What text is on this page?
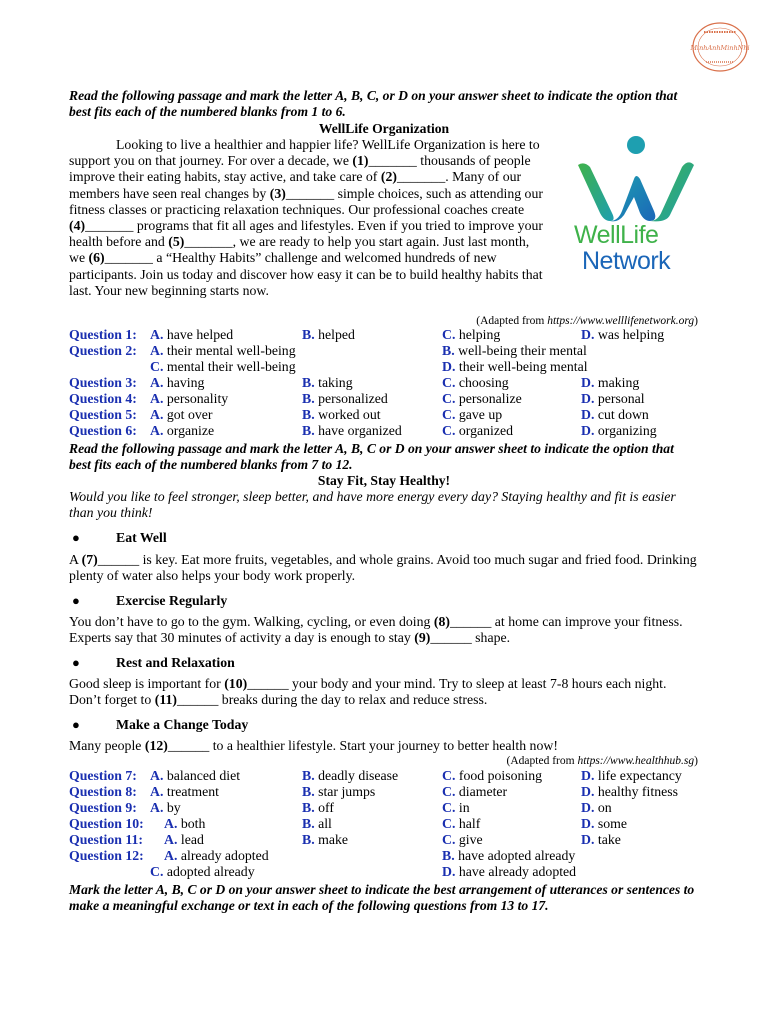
MinhAnhMinhNhi
Read the following passage and mark the letter A, B, C, or D on your answer sheet to indicate the option that best fits each of the numbered blanks from 1 to 6.
WellLife Organization

Looking to live a healthier and happier life? WellLife Organization is here to support you on that journey. For over a decade, we (1)_______ thousands of people improve their eating habits, stay active, and take care of (2)_______. Many of our members have seen real changes by (3)_______ simple choices, such as attending our fitness classes or practicing relaxation techniques. Our professional coaches create (4)_______ programs that fit all ages and lifestyles. Even if you tried to improve your health before and (5)_______, we are ready to help you start again. Just last month, we (6)_______ a “Healthy Habits” challenge and welcomed hundreds of new participants. Join us today and discover how easy it can be to build healthy habits that last. Your new beginning starts now.

WellLife
Network
(Adapted from https://www.welllifenetwork.org)
Question 1: A. have helped	B. helped	C. helping	D. was helping
Question 2: A. their mental well-being	B. well-being their mental
C. mental their well-being	D. their well-being mental
Question 3: A. having	B. taking	C. choosing	D. making
Question 4: A. personality	B. personalized	C. personalize	D. personal
Question 5: A. got over	B. worked out	C. gave up	D. cut down
Question 6: A. organize	B. have organized	C. organized	D. organizing
Read the following passage and mark the letter A, B, C or D on your answer sheet to indicate the option that best fits each of the numbered blanks from 7 to 12.
Stay Fit, Stay Healthy!
Would you like to feel stronger, sleep better, and have more energy every day? Staying healthy and fit is easier than you think!
●	Eat Well
A (7)______ is key. Eat more fruits, vegetables, and whole grains. Avoid too much sugar and fried food. Drinking plenty of water also helps your body work properly.
●	Exercise Regularly
You don’t have to go to the gym. Walking, cycling, or even doing (8)______ at home can improve your fitness. Experts say that 30 minutes of activity a day is enough to stay (9)______ shape.
●	Rest and Relaxation
Good sleep is important for (10)______ your body and your mind. Try to sleep at least 7-8 hours each night. Don’t forget to (11)______ breaks during the day to relax and reduce stress.
●	Make a Change Today
Many people (12)______ to a healthier lifestyle. Start your journey to better health now!
(Adapted from https://www.healthhub.sg)
Question 7: A. balanced diet	B. deadly disease	C. food poisoning	D. life expectancy
Question 8: A. treatment	B. star jumps	C. diameter	D. healthy fitness
Question 9: A. by	B. off	C. in	D. on
Question 10: A. both	B. all	C. half	D. some
Question 11: A. lead	B. make	C. give	D. take
Question 12: A. already adopted	B. have adopted already
C. adopted already	D. have already adopted
Mark the letter A, B, C or D on your answer sheet to indicate the best arrangement of utterances or sentences to make a meaningful exchange or text in each of the following questions from 13 to 17.
